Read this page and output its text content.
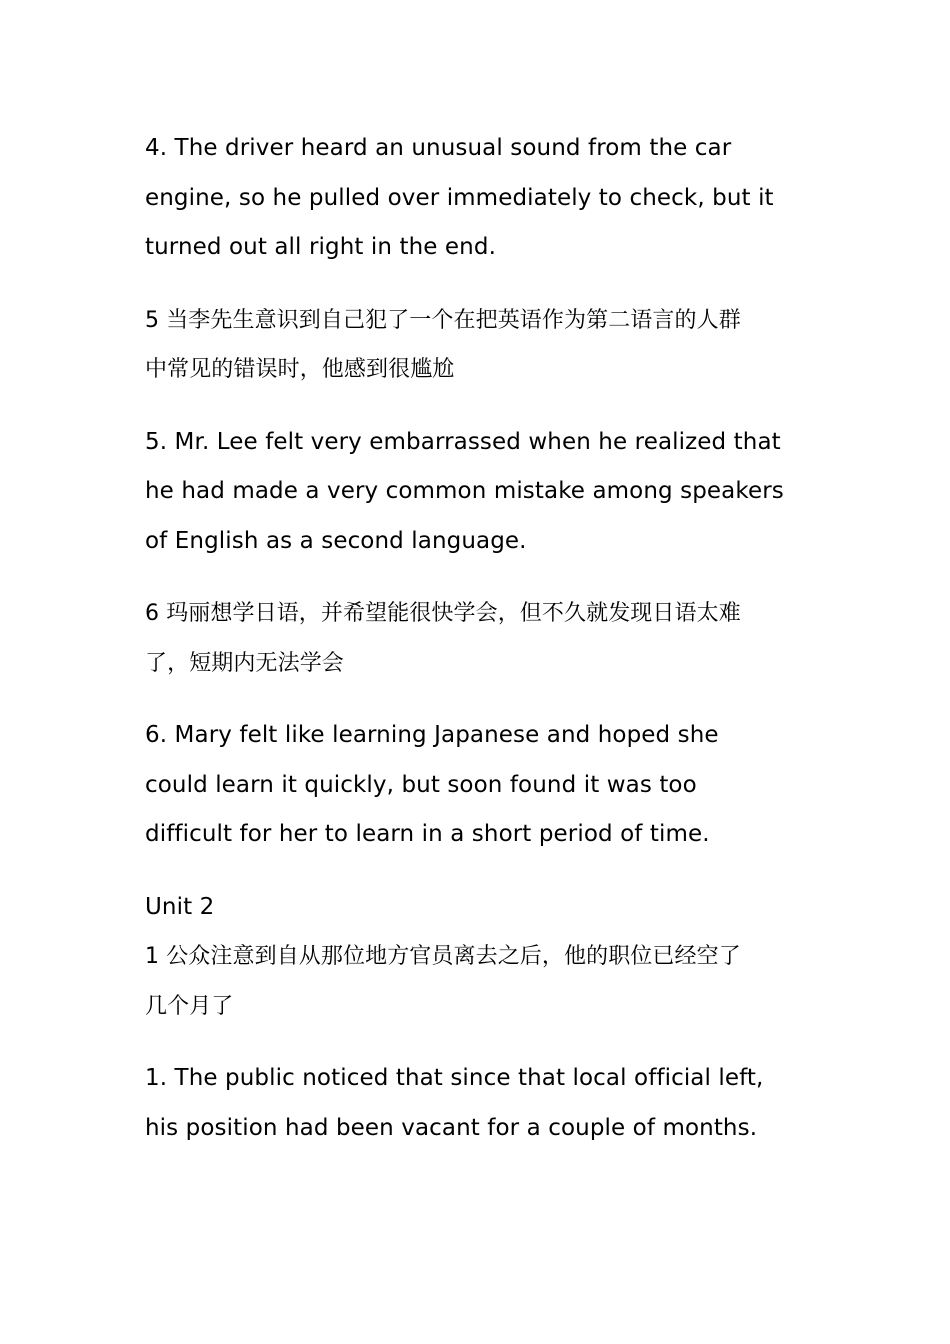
4. The driver heard an unusual sound from the car
engine, so he pulled over immediately to check, but it
turned out all right in the end.

5 当李先生意识到自己犯了一个在把英语作为第二语言的人群
中常见的错误时，他感到很尴尬

5. Mr. Lee felt very embarrassed when he realized that
he had made a very common mistake among speakers
of English as a second language.

6 玛丽想学日语，并希望能很快学会，但不久就发现日语太难
了，短期内无法学会

6. Mary felt like learning Japanese and hoped she
could learn it quickly, but soon found it was too
difficult for her to learn in a short period of time.

Unit 2

1 公众注意到自从那位地方官员离去之后，他的职位已经空了
几个月了

1. The public noticed that since that local official left,
his position had been vacant for a couple of months.
